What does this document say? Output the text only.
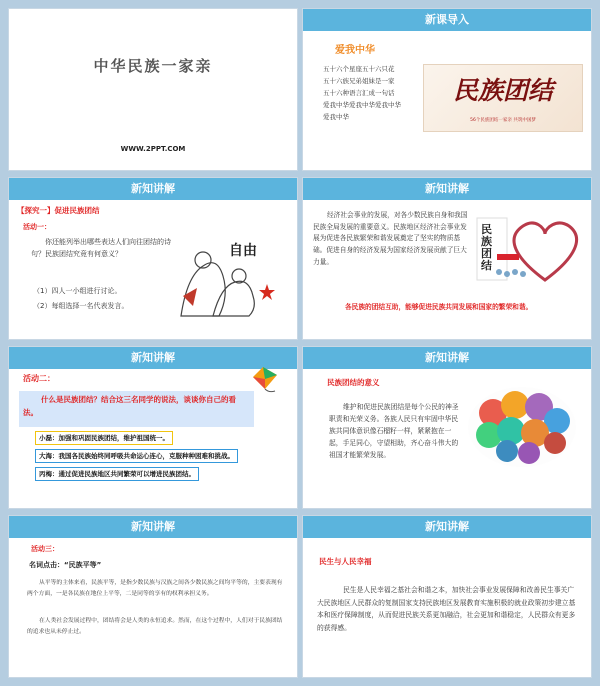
中华民族一家亲
WWW.2PPT.COM
新课导入
爱我中华
五十六个星座五十六只花
五十六族兄弟姐妹是一家
五十六种语言汇成一句话
爱我中华爱我中华爱我中华
爱我中华
民族团结
56个民族团结一家亲 共筑中国梦
新知讲解
【探究一】促进民族团结
活动一：
你还能列举出哪些表达人们向往团结的诗句？民族团结究竟有何意义？
（1）四人一小组进行讨论。
（2）每组选择一名代表发言。
自由
新知讲解
经济社会事业的发展，对各少数民族自身和我国民族全局发展的重要意义。民族地区经济社会事业发展为促进各民族繁荣和谐发展奠定了坚实的物质基础。促进自身的经济发展为国家经济发展贡献了巨大力量。
各民族的团结互助，能够促进民族共同发展和国家的繁荣和谐。
民族团结
新知讲解
活动二：
什么是民族团结？结合这三名同学的说法，谈谈你自己的看法。
小磊：加强和巩固民族团结，维护祖国统一。
大海：我国各民族始终同呼吸共命运心连心，克服种种困难和挑战。
丙梅：通过促进民族地区共同繁荣可以增进民族团结。
新知讲解
民族团结的意义
维护和促进民族团结是每个公民的神圣职责和光荣义务。各族人民只有牢固中华民族共同体意识像石榴籽一样，紧紧抱在一起，手足同心，守望相助，齐心奋斗伟大的祖国才能繁荣发展。
新知讲解
活动三：
名词点击：“民族平等”
从平等的主体来看，民族平等，是指少数民族与汉族之间各少数民族之间均平等的，主要表现有两个方面，一是各民族在地位上平等，二是同等的享有的权利承担义务。
在人类社会发展过程中，团结将会是人类的永恒追求。然而，在这个过程中，人们对于民族团结的追求也从未停止过。
新知讲解
民生与人民幸福
民生是人民幸福之基社会和谐之本，加快社会事业发展保障和改善民生事关广大民族地区人民群众的复制国家支持民族地区发展教育实施积极的就业政策初步建立基本和医疗保障制度，从而促进民族关系更加融洽，社会更加和谐稳定，人民群众有更多的获得感。
